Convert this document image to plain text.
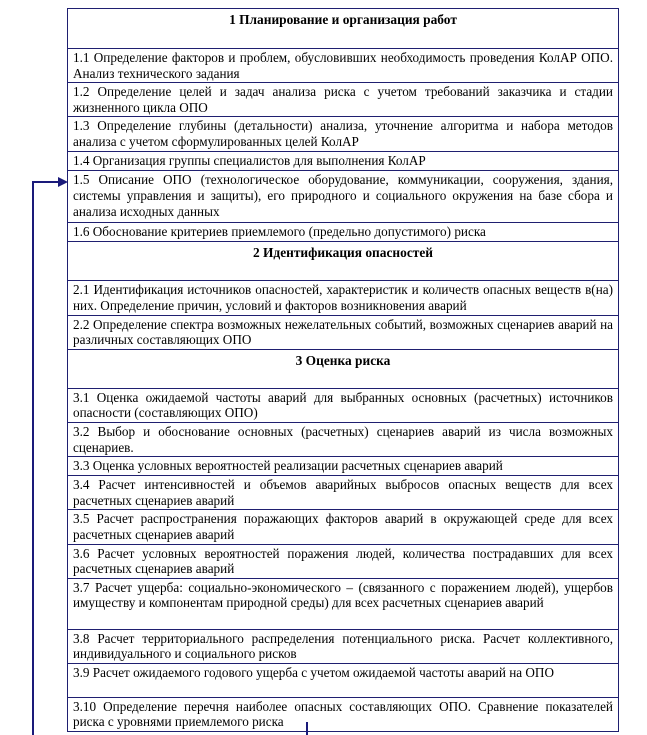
1 Планирование и организация работ
1.1 Определение факторов и проблем, обусловивших необходимость проведения КолАР ОПО. Анализ технического задания
1.2 Определение целей и задач анализа риска с учетом требований заказчика и стадии жизненного цикла ОПО
1.3 Определение глубины (детальности) анализа, уточнение алгоритма и набора методов анализа с учетом сформулированных целей КолАР
1.4 Организация группы специалистов для выполнения КолАР
1.5 Описание ОПО (технологическое оборудование, коммуникации, сооружения, здания, системы управления и защиты), его природного и социального окружения на базе сбора и анализа исходных данных
1.6 Обоснование критериев приемлемого (предельно допустимого) риска
2 Идентификация опасностей
2.1 Идентификация источников опасностей, характеристик и количеств опасных веществ в(на) них. Определение причин, условий и факторов возникновения аварий
2.2 Определение спектра возможных нежелательных событий, возможных сценариев аварий на различных составляющих ОПО
3 Оценка риска
3.1 Оценка ожидаемой частоты аварий для выбранных основных (расчетных) источников опасности (составляющих ОПО)
3.2 Выбор и обоснование основных (расчетных) сценариев аварий из числа возможных сценариев.
3.3 Оценка условных вероятностей реализации расчетных сценариев аварий
3.4 Расчет интенсивностей и объемов аварийных выбросов опасных веществ для всех расчетных сценариев аварий
3.5 Расчет распространения поражающих факторов аварий в окружающей среде для всех расчетных сценариев аварий
3.6 Расчет условных вероятностей поражения людей, количества пострадавших для всех расчетных сценариев аварий
3.7 Расчет ущерба: социально-экономического – (связанного с поражением людей), ущербов имуществу и компонентам природной среды) для всех расчетных сценариев аварий
3.8 Расчет территориального распределения потенциального риска. Расчет коллективного, индивидуального и социального рисков
3.9 Расчет ожидаемого годового ущерба с учетом ожидаемой частоты аварий на ОПО
3.10 Определение перечня наиболее опасных составляющих ОПО. Сравнение показателей риска с уровнями приемлемого риска
